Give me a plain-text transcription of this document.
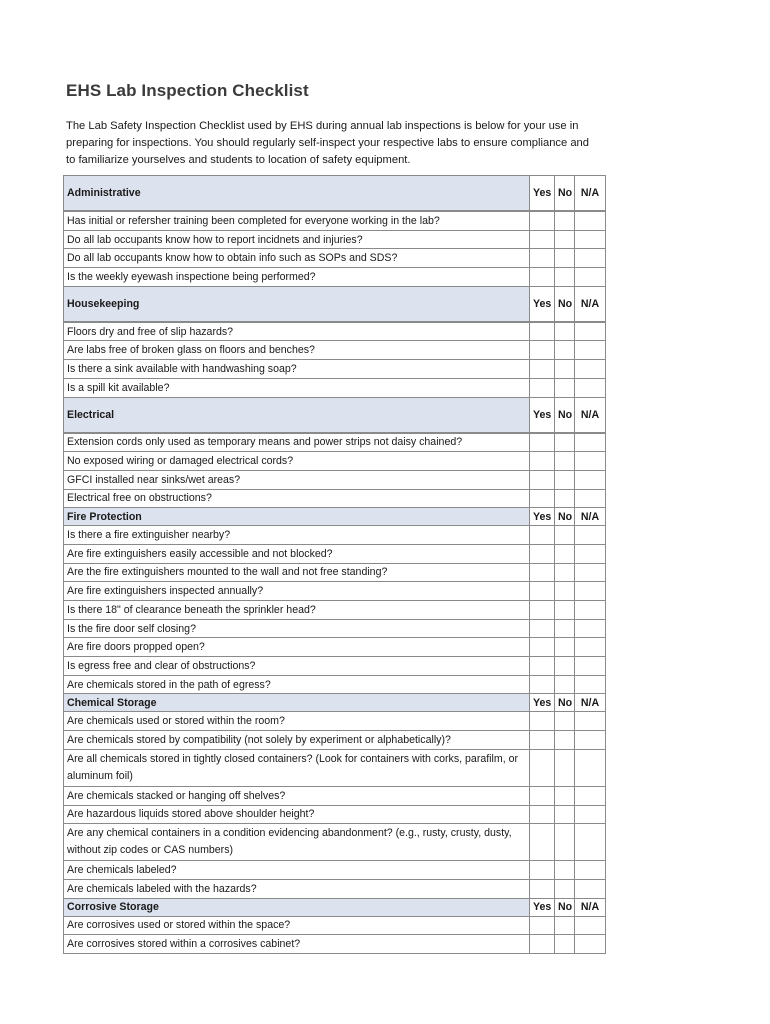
EHS Lab Inspection Checklist
The Lab Safety Inspection Checklist used by EHS during annual lab inspections is below for your use in preparing for inspections. You should regularly self-inspect your respective labs to ensure compliance and to familiarize yourselves and students to location of safety equipment.
Administrative	Yes	No	N/A
Has initial or refersher training been completed for everyone working in the lab?			
Do all lab occupants know how to report incidnets and injuries?			
Do all lab occupants know how to obtain info such as SOPs and SDS?			
Is the weekly eyewash inspectione being performed?			
Housekeeping	Yes	No	N/A
Floors dry and free of slip hazards?			
Are labs free of broken glass on floors and benches?			
Is there a sink available with handwashing soap?			
Is a spill kit available?			
Electrical	Yes	No	N/A
Extension cords only used as temporary means and power strips not daisy chained?			
No exposed wiring or damaged electrical cords?			
GFCI installed near sinks/wet areas?			
Electrical free on obstructions?			
Fire Protection	Yes	No	N/A
Is there a fire extinguisher nearby?			
Are fire extinguishers easily accessible and not blocked?			
Are the fire extinguishers mounted to the wall and not free standing?			
Are fire extinguishers inspected annually?			
Is there 18" of clearance beneath the sprinkler head?			
Is the fire door self closing?			
Are fire doors propped open?			
Is egress free and clear of obstructions?			
Are chemicals stored in the path of egress?			
Chemical Storage	Yes	No	N/A
Are chemicals used or stored within the room?			
Are chemicals stored by compatibility (not solely by experiment or alphabetically)?			
Are all chemicals stored in tightly closed containers? (Look for containers with corks, parafilm, or aluminum foil)			
Are chemicals stacked or hanging off shelves?			
Are hazardous liquids stored above shoulder height?			
Are any chemical containers in a condition evidencing abandonment? (e.g., rusty, crusty, dusty, without zip codes or CAS numbers)			
Are chemicals labeled?			
Are chemicals labeled with the hazards?			
Corrosive Storage	Yes	No	N/A
Are corrosives used or stored within the space?			
Are corrosives stored within a corrosives cabinet?			
